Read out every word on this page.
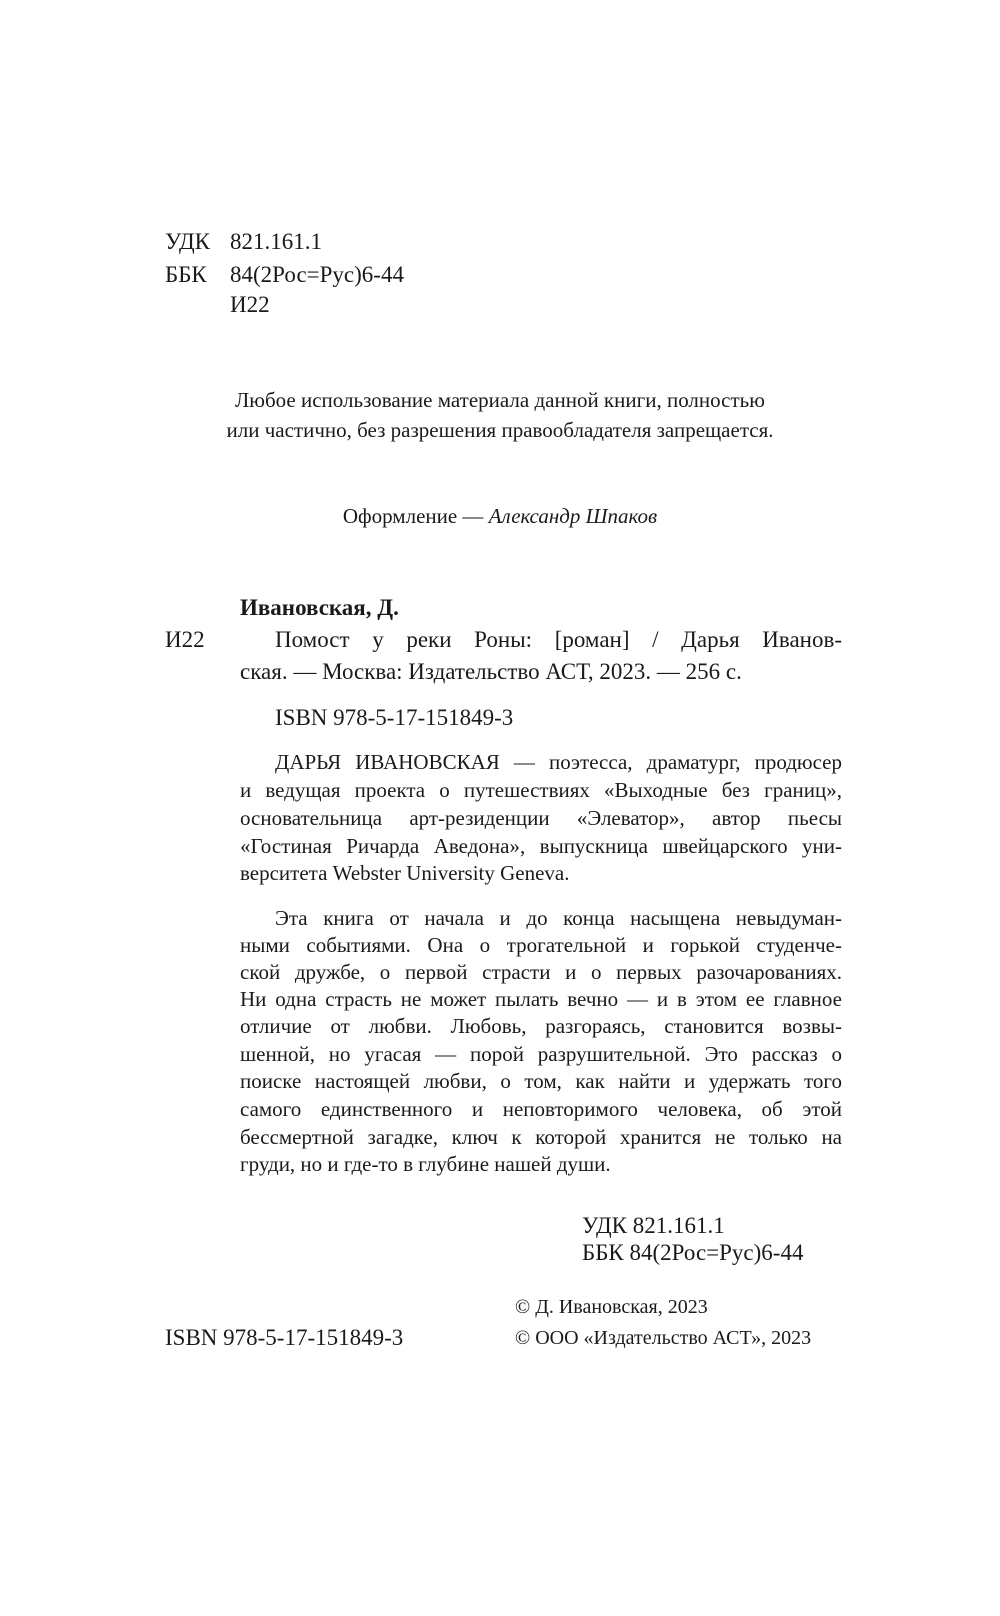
УДК 821.161.1
ББК 84(2Рос=Рус)6-44
И22
Любое использование материала данной книги, полностью
или частично, без разрешения правообладателя запрещается.
Оформление — Александр Шпаков
Ивановская, Д.
И22	Помост у реки Роны: [роман] / Дарья Иванов-
ская. — Москва: Издательство АСТ, 2023. — 256 с.
ISBN 978-5-17-151849-3
ДАРЬЯ ИВАНОВСКАЯ — поэтесса, драматург, продюсер
и ведущая проекта о путешествиях «Выходные без границ»,
основательница арт-резиденции «Элеватор», автор пьесы
«Гостиная Ричарда Аведона», выпускница швейцарского уни-
верситета Webster University Geneva.
Эта книга от начала и до конца насыщена невыдуман-
ными событиями. Она о трогательной и горькой студенче-
ской дружбе, о первой страсти и о первых разочарованиях.
Ни одна страсть не может пылать вечно — и в этом ее главное
отличие от любви. Любовь, разгораясь, становится возвы-
шенной, но угасая — порой разрушительной. Это рассказ о
поиске настоящей любви, о том, как найти и удержать того
самого единственного и неповторимого человека, об этой
бессмертной загадке, ключ к которой хранится не только на
груди, но и где-то в глубине нашей души.
УДК 821.161.1
ББК 84(2Рос=Рус)6-44
© Д. Ивановская, 2023
ISBN 978-5-17-151849-3	© ООО «Издательство АСТ», 2023
